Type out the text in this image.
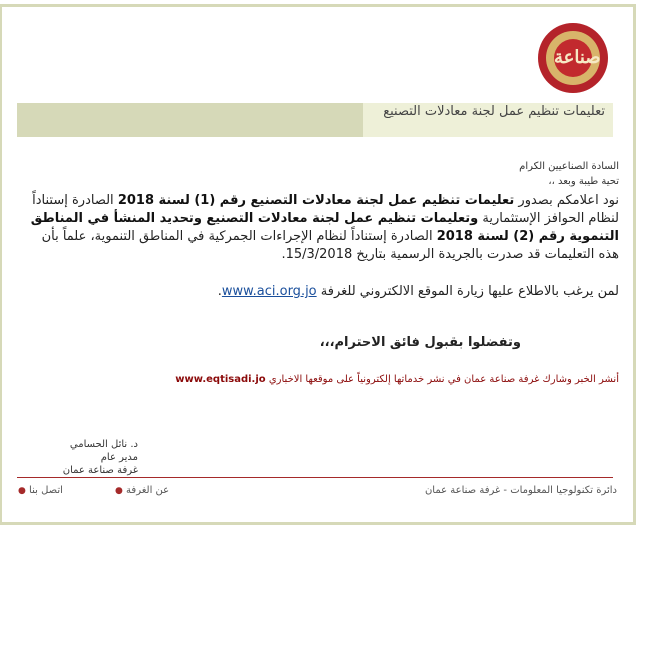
صناعة
تعليمات تنظيم عمل لجنة معادلات التصنيع
السادة الصناعيين الكرام
تحية طيبة وبعد ،،
نود اعلامكم بصدور تعليمات تنظيم عمل لجنة معادلات التصنيع رقم (1) لسنة 2018 الصادرة إستناداً لنظام الحوافز الإستثمارية وتعليمات تنظيم عمل لجنة معادلات التصنيع وتحديد المنشأ في المناطق التنموية رقم (2) لسنة 2018 الصادرة إستناداً لنظام الإجراءات الجمركية في المناطق التنموية، علماً بأن هذه التعليمات قد صدرت بالجريدة الرسمية بتاريخ 15/3/2018.
لمن يرغب بالاطلاع عليها زيارة الموقع الالكتروني للغرفة www.aci.org.jo.
وتفضلوا بقبول فائق الاحترام،،،
أنشر الخبر وشارك غرفة صناعة عمان في نشر خدماتها إلكترونياً على موقعها الاخباري www.eqtisadi.jo
د. نائل الحسامي
مدير عام
غرفة صناعة عمان
دائرة تكنولوجيا المعلومات - غرفة صناعة عمان
عن الغرفة ●
اتصل بنا ●
